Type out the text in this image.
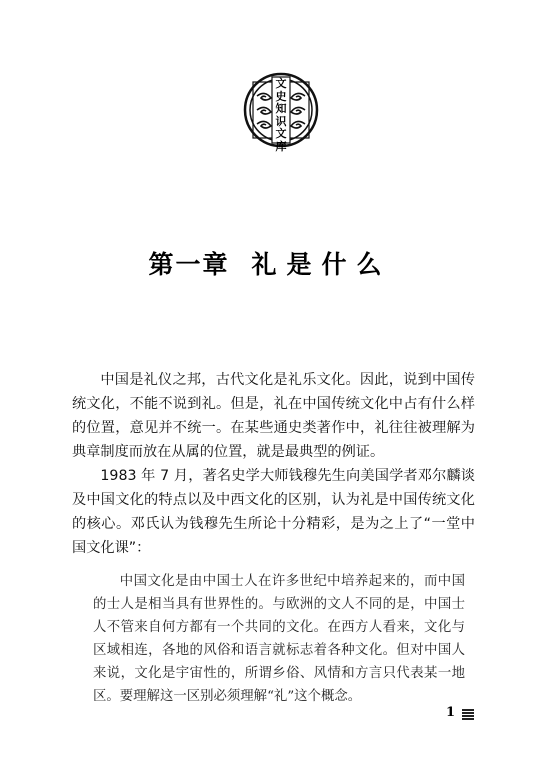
文
史
知
识
文
库
第一章 礼是什么

中国是礼仪之邦，古代文化是礼乐文化。因此，说到中国传统文化，不能不说到礼。但是，礼在中国传统文化中占有什么样的位置，意见并不统一。在某些通史类著作中，礼往往被理解为典章制度而放在从属的位置，就是最典型的例证。

1983 年 7 月，著名史学大师钱穆先生向美国学者邓尔麟谈及中国文化的特点以及中西文化的区别，认为礼是中国传统文化的核心。邓氏认为钱穆先生所论十分精彩，是为之上了“一堂中国文化课”：

中国文化是由中国士人在许多世纪中培养起来的，而中国的士人是相当具有世界性的。与欧洲的文人不同的是，中国士人不管来自何方都有一个共同的文化。在西方人看来，文化与区域相连，各地的风俗和语言就标志着各种文化。但对中国人来说，文化是宇宙性的，所谓乡俗、风情和方言只代表某一地区。要理解这一区别必须理解“礼”这个概念。

1
